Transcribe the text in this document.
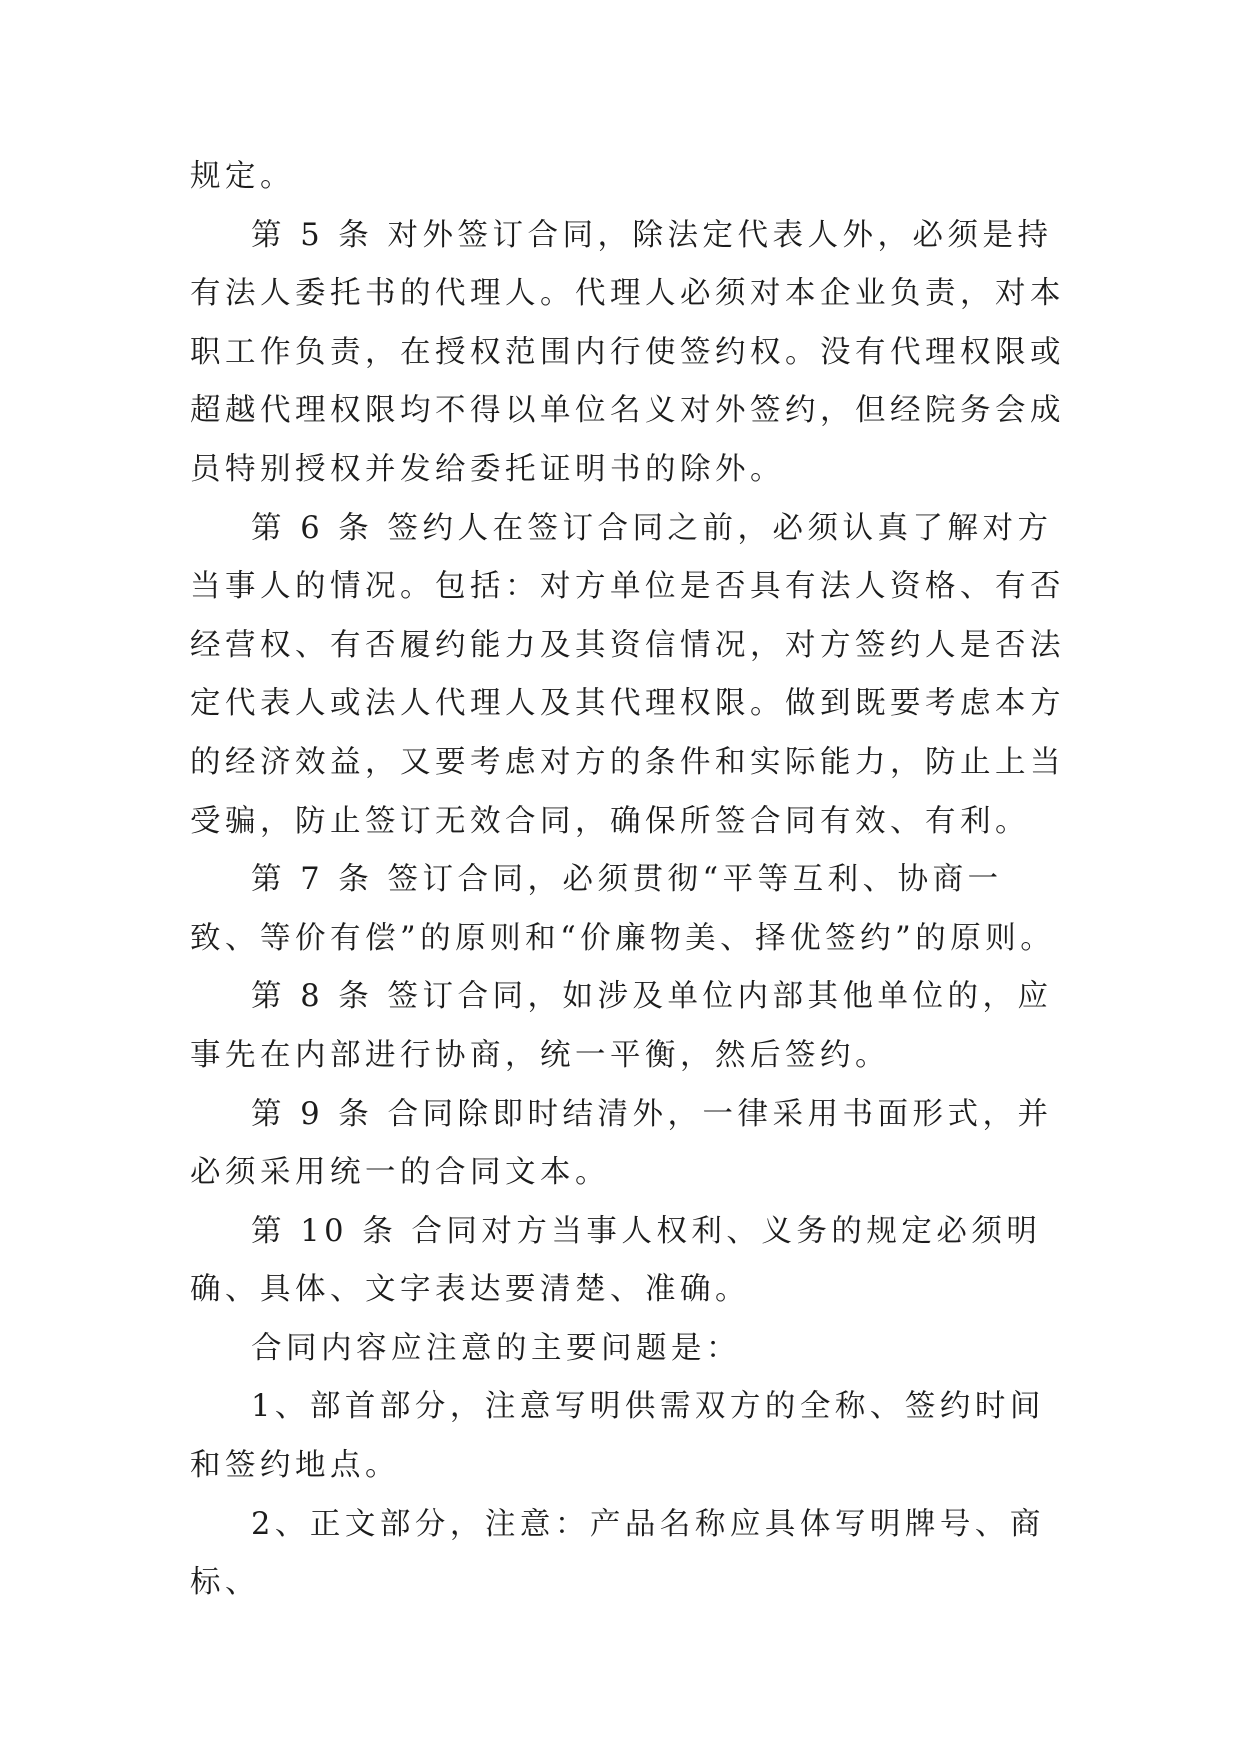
规定。

第 5 条 对外签订合同，除法定代表人外，必须是持有法人委托书的代理人。代理人必须对本企业负责，对本职工作负责，在授权范围内行使签约权。没有代理权限或超越代理权限均不得以单位名义对外签约，但经院务会成员特别授权并发给委托证明书的除外。

第 6 条 签约人在签订合同之前，必须认真了解对方当事人的情况。包括：对方单位是否具有法人资格、有否经营权、有否履约能力及其资信情况，对方签约人是否法定代表人或法人代理人及其代理权限。做到既要考虑本方的经济效益，又要考虑对方的条件和实际能力，防止上当受骗，防止签订无效合同，确保所签合同有效、有利。

第 7 条 签订合同，必须贯彻“平等互利、协商一致、等价有偿”的原则和“价廉物美、择优签约”的原则。

第 8 条 签订合同，如涉及单位内部其他单位的，应事先在内部进行协商，统一平衡，然后签约。

第 9 条 合同除即时结清外，一律采用书面形式，并必须采用统一的合同文本。

第 10 条 合同对方当事人权利、义务的规定必须明确、具体、文字表达要清楚、准确。

合同内容应注意的主要问题是：

1、部首部分，注意写明供需双方的全称、签约时间和签约地点。

2、正文部分，注意：产品名称应具体写明牌号、商标、
